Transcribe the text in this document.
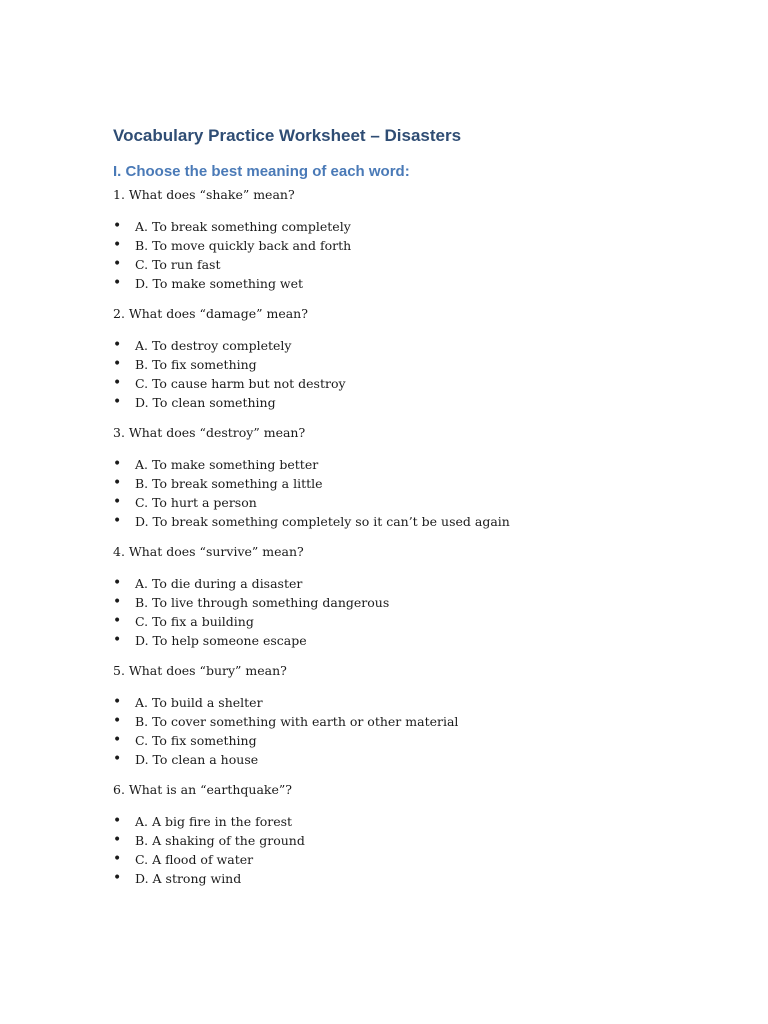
Vocabulary Practice Worksheet – Disasters
I. Choose the best meaning of each word:

1. What does “shake” mean?

• A. To break something completely
• B. To move quickly back and forth
• C. To run fast
• D. To make something wet

2. What does “damage” mean?

• A. To destroy completely
• B. To fix something
• C. To cause harm but not destroy
• D. To clean something

3. What does “destroy” mean?

• A. To make something better
• B. To break something a little
• C. To hurt a person
• D. To break something completely so it can’t be used again

4. What does “survive” mean?

• A. To die during a disaster
• B. To live through something dangerous
• C. To fix a building
• D. To help someone escape

5. What does “bury” mean?

• A. To build a shelter
• B. To cover something with earth or other material
• C. To fix something
• D. To clean a house

6. What is an “earthquake”?

• A. A big fire in the forest
• B. A shaking of the ground
• C. A flood of water
• D. A strong wind
